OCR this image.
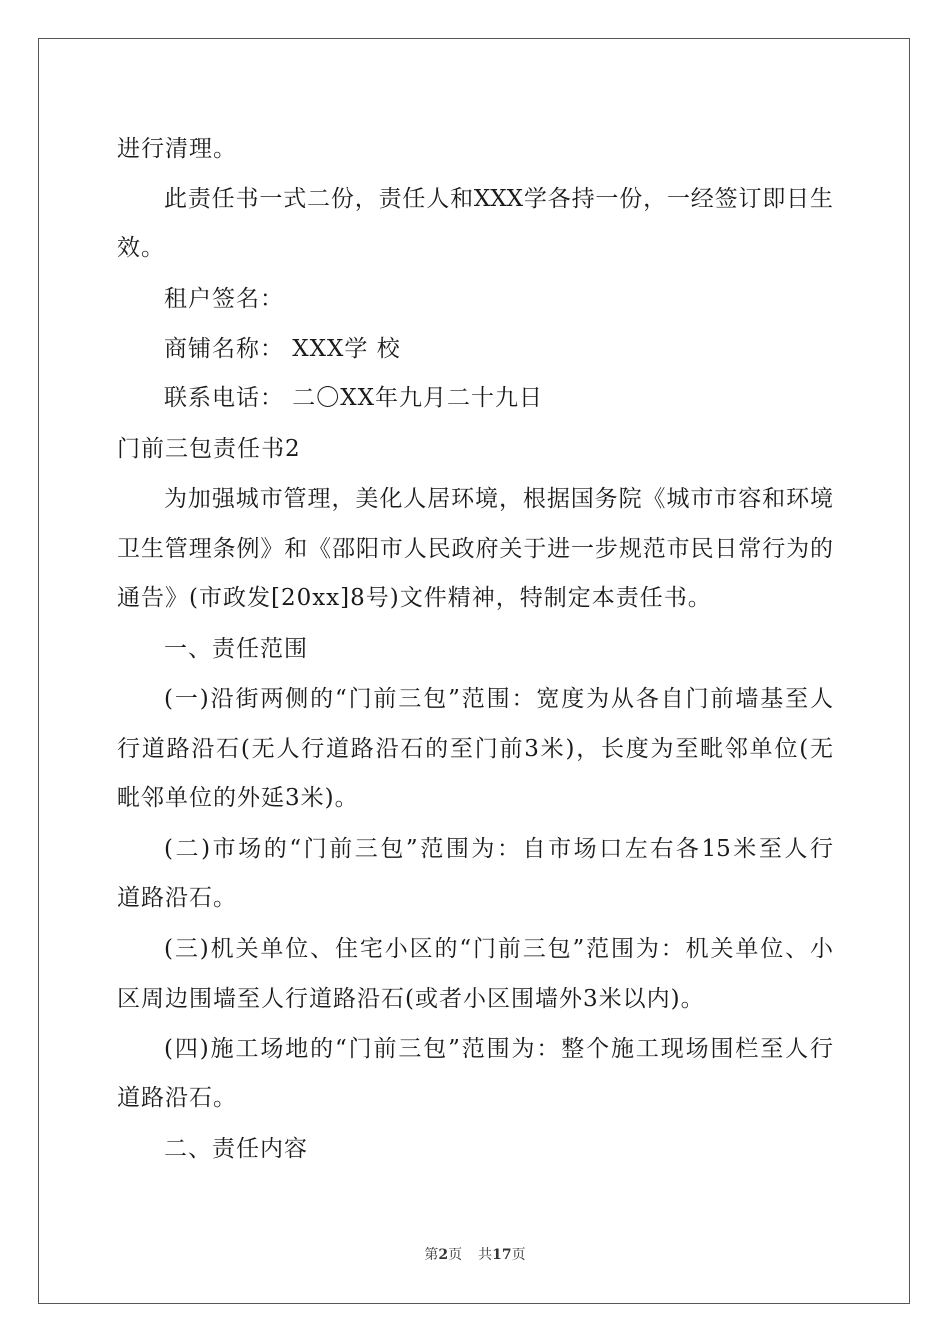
进行清理。
此责任书一式二份，责任人和XXX学各持一份，一经签订即日生
效。
租户签名：
商铺名称： XXX学 校
联系电话： 二〇XX年九月二十九日
门前三包责任书2
为加强城市管理，美化人居环境，根据国务院《城市市容和环境
卫生管理条例》和《邵阳市人民政府关于进一步规范市民日常行为的
通告》(市政发[20xx]8号)文件精神，特制定本责任书。
一、责任范围
(一)沿街两侧的“门前三包”范围：宽度为从各自门前墙基至人
行道路沿石(无人行道路沿石的至门前3米)，长度为至毗邻单位(无
毗邻单位的外延3米)。
(二)市场的“门前三包”范围为：自市场口左右各15米至人行
道路沿石。
(三)机关单位、住宅小区的“门前三包”范围为：机关单位、小
区周边围墙至人行道路沿石(或者小区围墙外3米以内)。
(四)施工场地的“门前三包”范围为：整个施工现场围栏至人行
道路沿石。
二、责任内容
第2页 共17页
